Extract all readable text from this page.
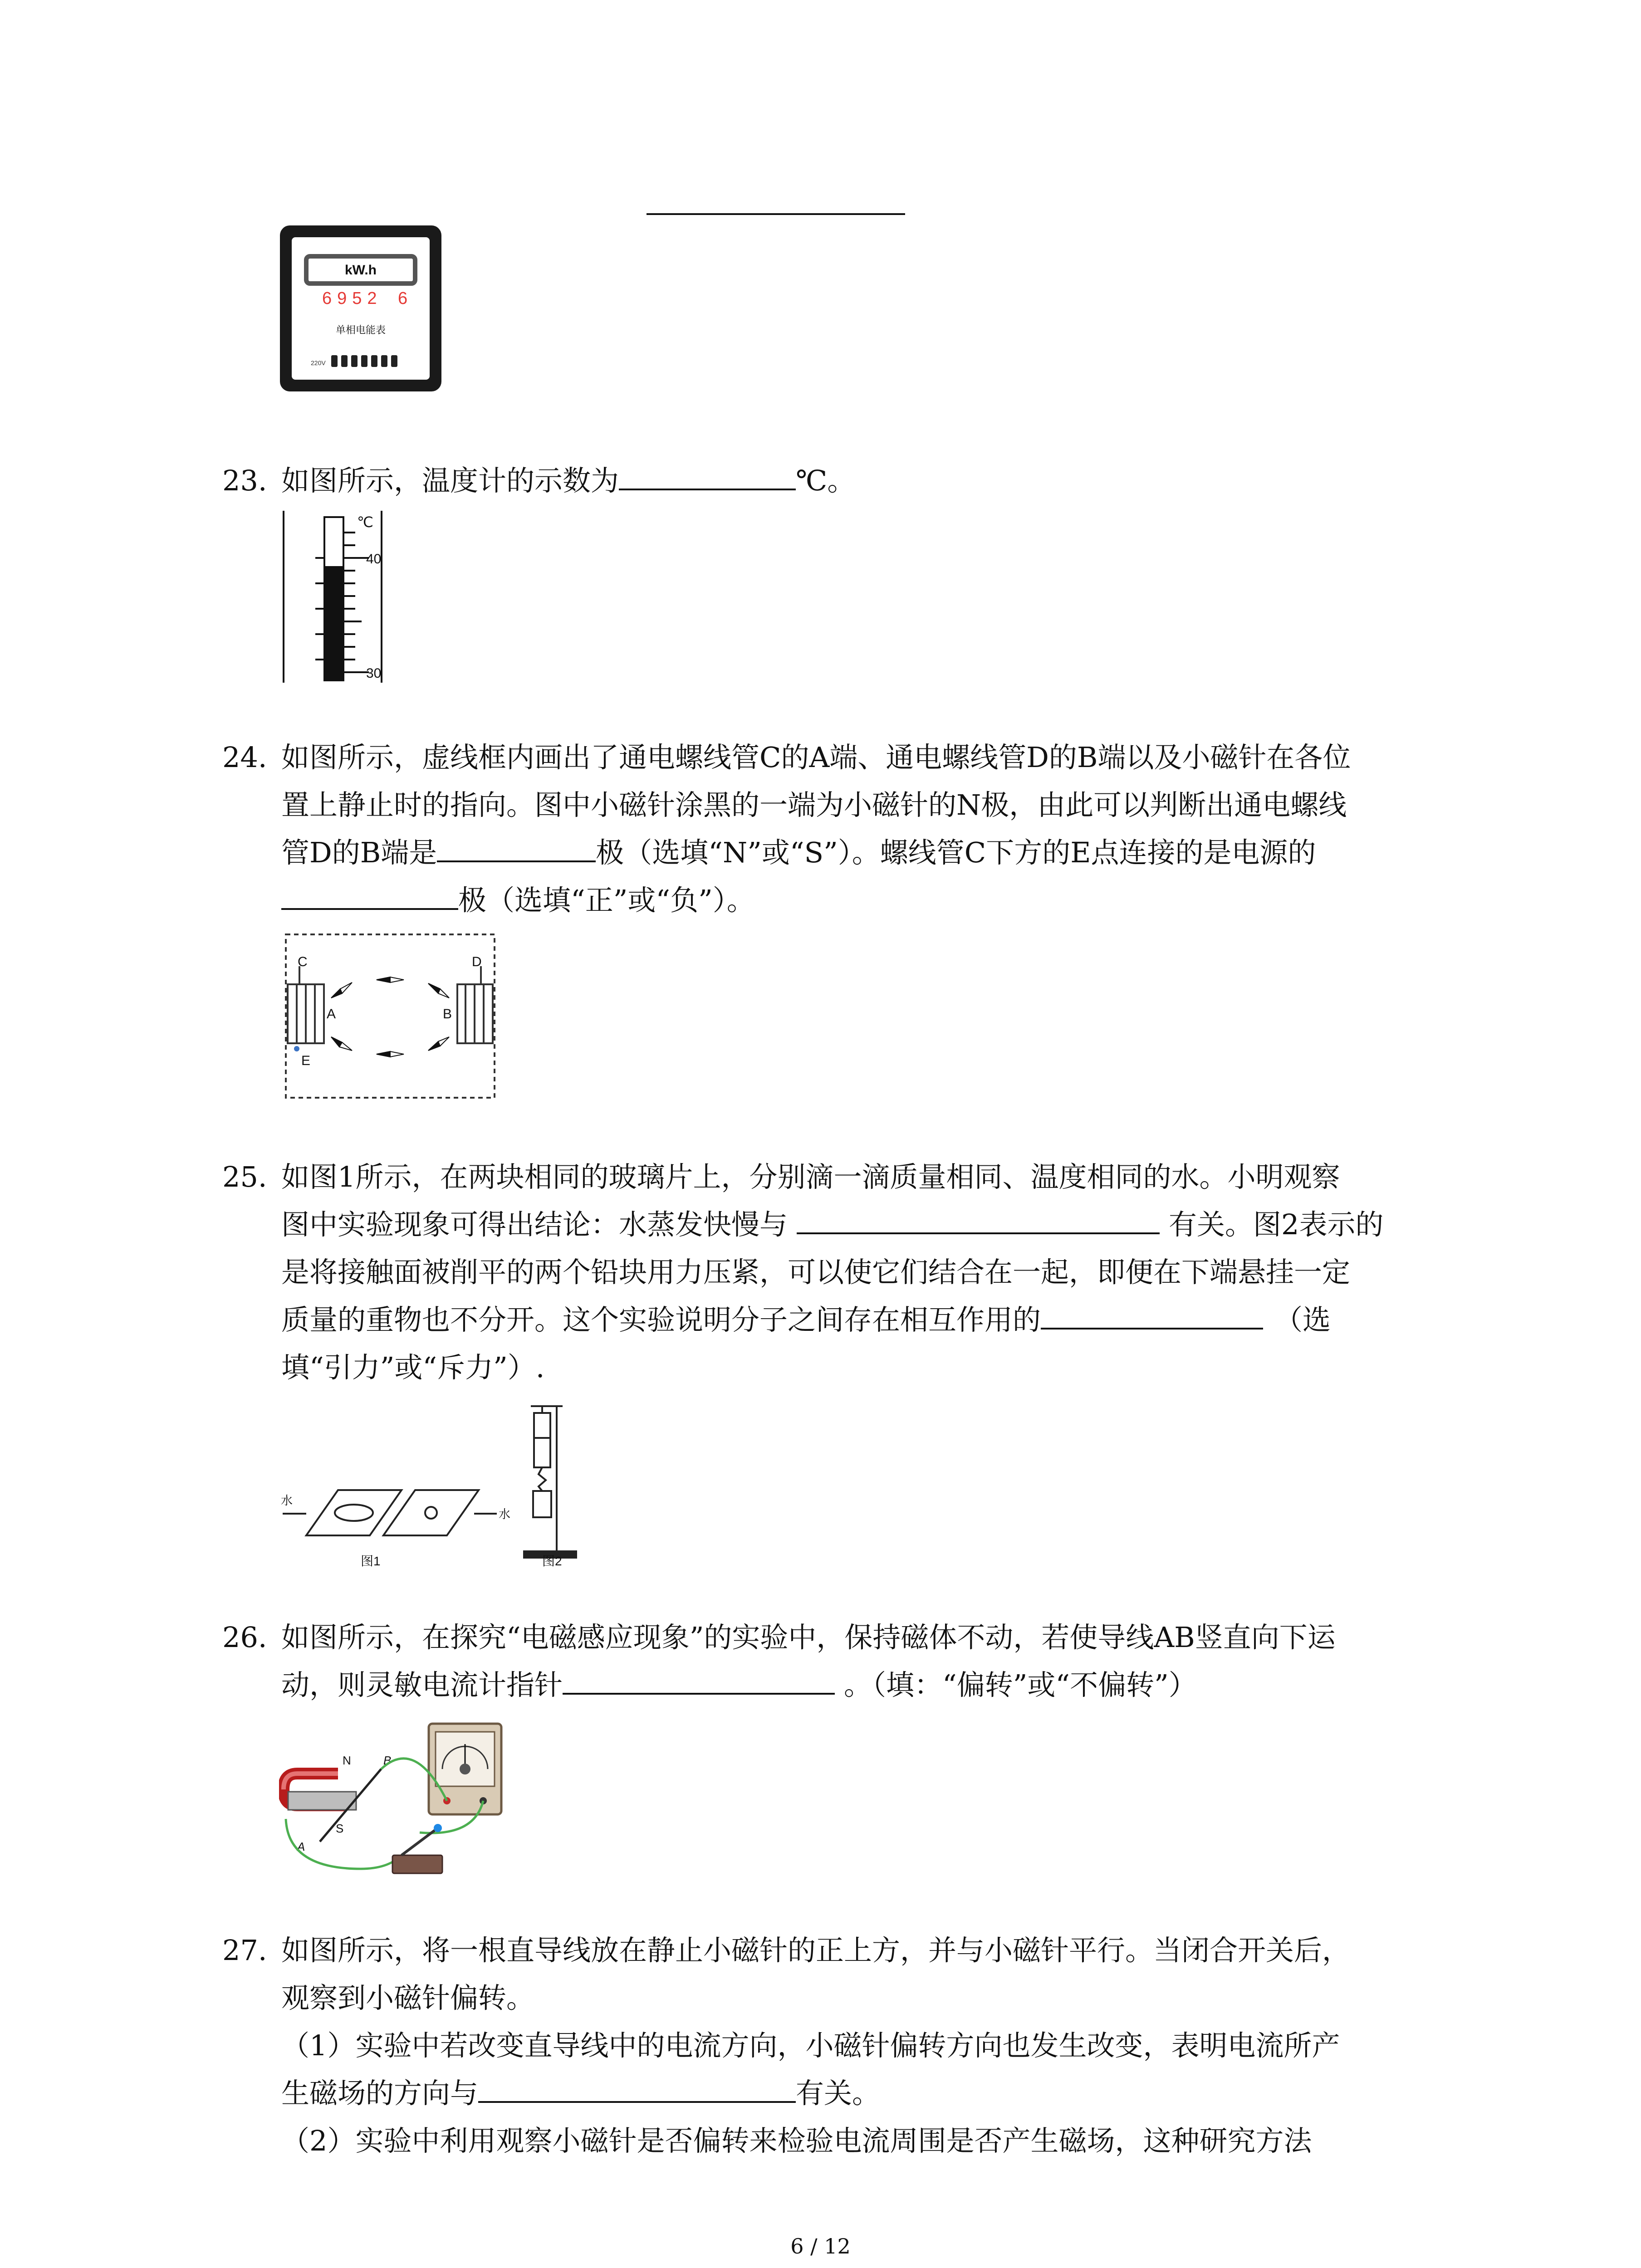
kW.h
6952 6
单相电能表
220V
23. 如图所示，温度计的示数为	℃。
℃
40
30
24. 如图所示，虚线框内画出了通电螺线管C的A端、通电螺线管D的B端以及小磁针在各位
置上静止时的指向。图中小磁针涂黑的一端为小磁针的N极，由此可以判断出通电螺线
管D的B端是	极（选填“N”或“S”）。螺线管C下方的E点连接的是电源的
极（选填“正”或“负”）。
C	D
A	B
E
25. 如图1所示，在两块相同的玻璃片上，分别滴一滴质量相同、温度相同的水。小明观察
图中实验现象可得出结论：水蒸发快慢与	有关。图2表示的
是将接触面被削平的两个铅块用力压紧，可以使它们结合在一起，即便在下端悬挂一定
质量的重物也不分开。这个实验说明分子之间存在相互作用的	（选
填“引力”或“斥力”）.
水
水
图1	图2
26. 如图所示，在探究“电磁感应现象”的实验中，保持磁体不动，若使导线AB竖直向下运
动，则灵敏电流计指针	。（填：“偏转”或“不偏转”）
N
S
A
B
27. 如图所示，将一根直导线放在静止小磁针的正上方，并与小磁针平行。当闭合开关后，
观察到小磁针偏转。
（1）实验中若改变直导线中的电流方向，小磁针偏转方向也发生改变，表明电流所产
生磁场的方向与	有关。
（2）实验中利用观察小磁针是否偏转来检验电流周围是否产生磁场，这种研究方法
6 / 12
